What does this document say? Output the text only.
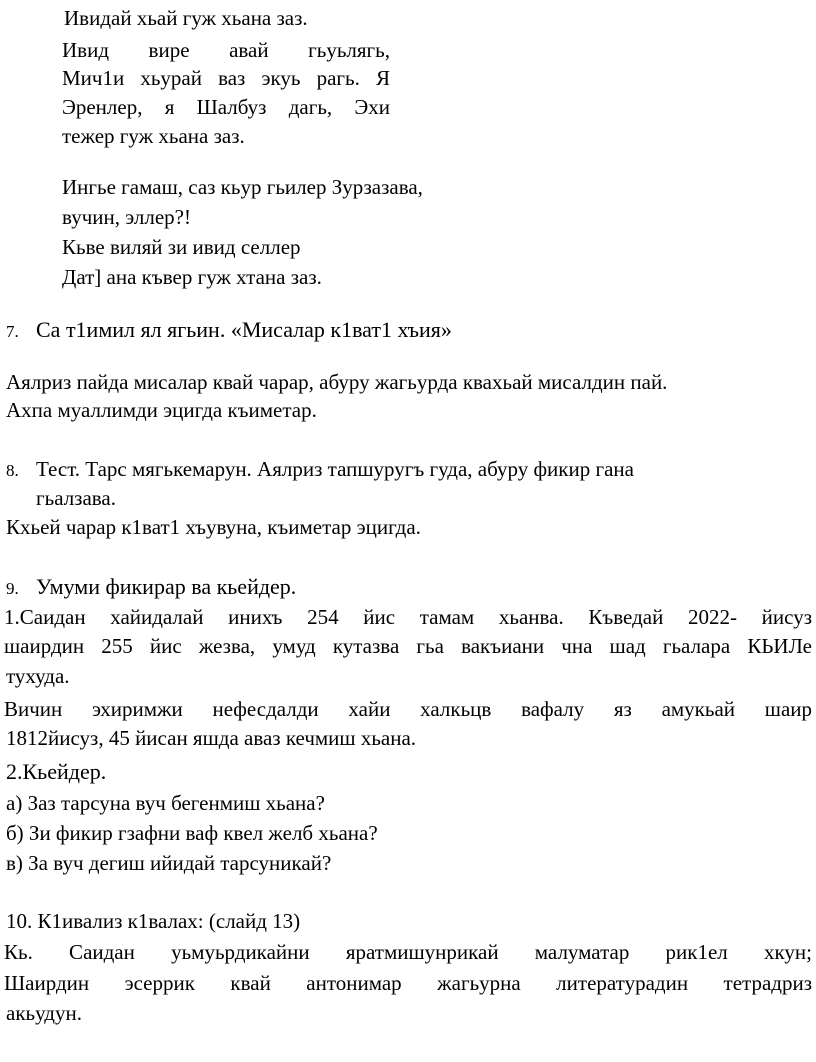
Ивидай хьай гуж хьана заз.
Ивид вире авай гьуьлягь,
Мич1и хьурай ваз экуь рагь. Я
Эренлер, я Шалбуз дагь, Эхи
тежер гуж хьана заз.
Ингье гамаш, саз кьур гьилер Зурзазава,
вучин, эллер?!
Кьве виляй зи ивид селлер
Дат] ана къвер гуж хтана заз.
7. Са т1имил ял ягьин. «Мисалар к1ват1 хъия»
Аялриз пайда мисалар квай чарар, абуру жагьурда квахьай мисалдин пай.
Ахпа муаллимди эцигда къиметар.
8. Тест. Тарс мягькемарун. Аялриз тапшуругъ гуда, абуру фикир гана
гьалзава.
Кхьей чарар к1ват1 хъувуна, къиметар эцигда.
9. Умуми фикирар ва кьейдер.
1.Саидан хайидалай инихъ 254 йис тамам хьанва. Къведай 2022- йисуз
шаирдин 255 йис жезва, умуд кутазва гьа вакъиани чна шад гьалара КЬИЛе
тухуда.
Вичин эхиримжи нефесдалди хайи халкьцв вафалу яз амукьай шаир
1812йисуз, 45 йисан яшда аваз кечмиш хьана.
2.Кьейдер.
а) Заз тарсуна вуч бегенмиш хьана?
б) Зи фикир гзафни ваф квел желб хьана?
в) За вуч дегиш ийидай тарсуникай?
10. К1ивализ к1валах: (слайд 13)
Кь. Саидан уьмуьрдикайни яратмишунрикай малуматар рик1ел хкун;
Шаирдин эсеррик квай антонимар жагьурна литературадин тетрадриз
акьудун.
